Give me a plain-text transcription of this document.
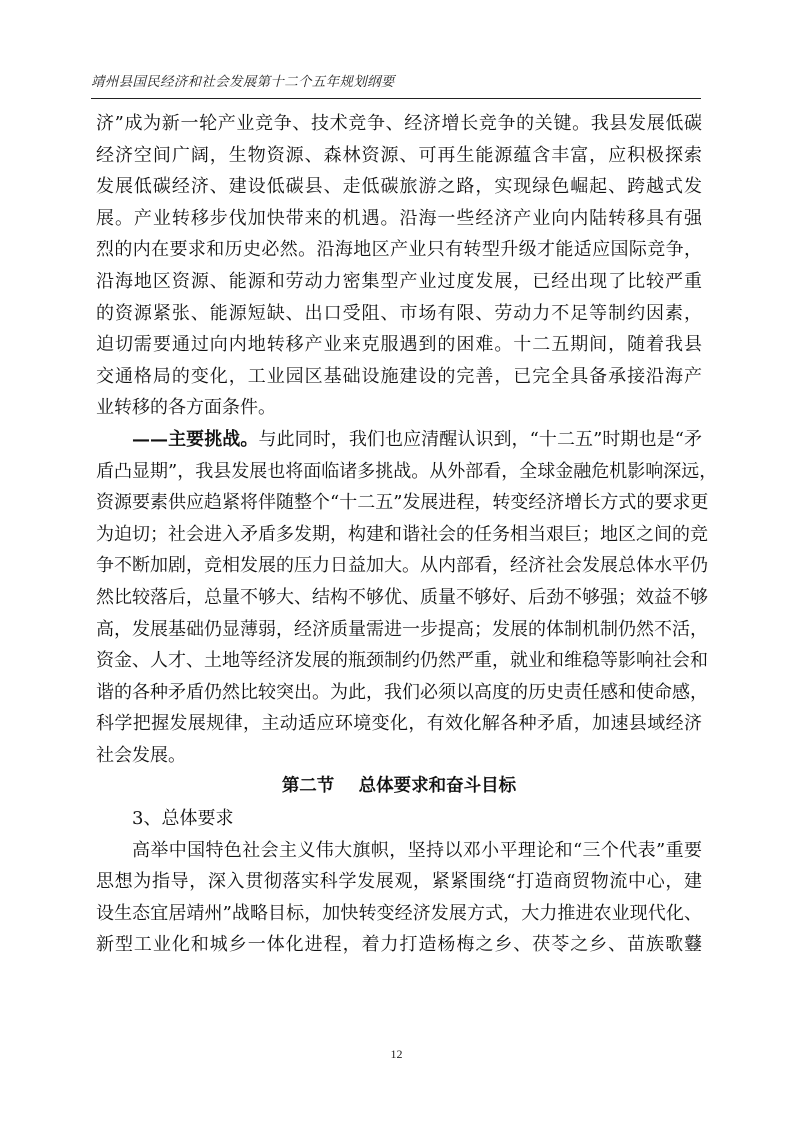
靖州县国民经济和社会发展第十二个五年规划纲要
济”成为新一轮产业竞争、技术竞争、经济增长竞争的关键。我县发展低碳
经济空间广阔，生物资源、森林资源、可再生能源蕴含丰富，应积极探索
发展低碳经济、建设低碳县、走低碳旅游之路，实现绿色崛起、跨越式发
展。产业转移步伐加快带来的机遇。沿海一些经济产业向内陆转移具有强
烈的内在要求和历史必然。沿海地区产业只有转型升级才能适应国际竞争，
沿海地区资源、能源和劳动力密集型产业过度发展，已经出现了比较严重
的资源紧张、能源短缺、出口受阻、市场有限、劳动力不足等制约因素，
迫切需要通过向内地转移产业来克服遇到的困难。十二五期间，随着我县
交通格局的变化，工业园区基础设施建设的完善，已完全具备承接沿海产
业转移的各方面条件。
——主要挑战。与此同时，我们也应清醒认识到，“十二五”时期也是“矛
盾凸显期”，我县发展也将面临诸多挑战。从外部看，全球金融危机影响深远，
资源要素供应趋紧将伴随整个“十二五”发展进程，转变经济增长方式的要求更
为迫切；社会进入矛盾多发期，构建和谐社会的任务相当艰巨；地区之间的竞
争不断加剧，竞相发展的压力日益加大。从内部看，经济社会发展总体水平仍
然比较落后，总量不够大、结构不够优、质量不够好、后劲不够强；效益不够
高，发展基础仍显薄弱，经济质量需进一步提高；发展的体制机制仍然不活，
资金、人才、土地等经济发展的瓶颈制约仍然严重，就业和维稳等影响社会和
谐的各种矛盾仍然比较突出。为此，我们必须以高度的历史责任感和使命感，
科学把握发展规律，主动适应环境变化，有效化解各种矛盾，加速县域经济
社会发展。
第二节    总体要求和奋斗目标
3、总体要求
高举中国特色社会主义伟大旗帜，坚持以邓小平理论和“三个代表”重要
思想为指导，深入贯彻落实科学发展观，紧紧围绕“打造商贸物流中心，建
设生态宜居靖州”战略目标，加快转变经济发展方式，大力推进农业现代化、
新型工业化和城乡一体化进程，着力打造杨梅之乡、茯苓之乡、苗族歌鼟
12
